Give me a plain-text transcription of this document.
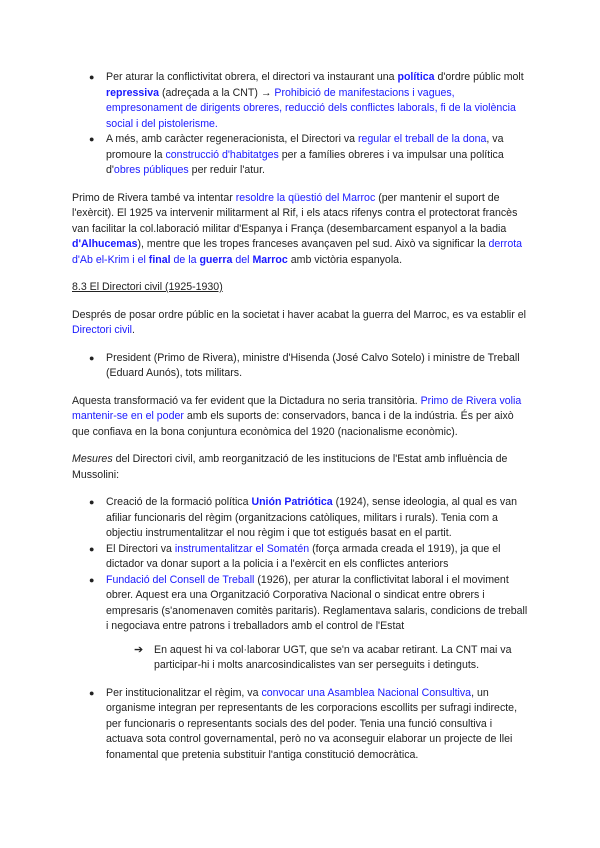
● Per aturar la conflictivitat obrera, el directori va instaurant una política d'ordre públic molt repressiva (adreçada a la CNT) → Prohibició de manifestacions i vagues, empresonament de dirigents obreres, reducció dels conflictes laborals, fi de la violència social i del pistolerisme.
● A més, amb caràcter regeneracionista, el Directori va regular el treball de la dona, va promoure la construcció d'habitatges per a famílies obreres i va impulsar una política d'obres públiques per reduir l'atur.

Primo de Rivera també va intentar resoldre la qüestió del Marroc (per mantenir el suport de l'exèrcit). El 1925 va intervenir militarment al Rif, i els atacs rifenys contra el protectorat francès van facilitar la col.laboració militar d'Espanya i França (desembarcament espanyol a la badia d'Alhucemas), mentre que les tropes franceses avançaven pel sud. Això va significar la derrota d'Ab el-Krim i el final de la guerra del Marroc amb victòria espanyola.

8.3 El Directori civil (1925-1930)

Després de posar ordre públic en la societat i haver acabat la guerra del Marroc, es va establir el Directori civil.

● President (Primo de Rivera), ministre d'Hisenda (José Calvo Sotelo) i ministre de Treball (Eduard Aunós), tots militars.

Aquesta transformació va fer evident que la Dictadura no seria transitòria. Primo de Rivera volia mantenir-se en el poder amb els suports de: conservadors, banca i de la indústria. És per això que confiava en la bona conjuntura econòmica del 1920 (nacionalisme econòmic).

Mesures del Directori civil, amb reorganització de les institucions de l'Estat amb influència de Mussolini:

● Creació de la formació política Unión Patriótica (1924), sense ideologia, al qual es van afiliar funcionaris del règim (organitzacions catòliques, militars i rurals). Tenia com a objectiu instrumentalitzar el nou règim i que tot estigués basat en el partit.
● El Directori va instrumentalitzar el Somatén (força armada creada el 1919), ja que el dictador va donar suport a la policia i a l'exèrcit en els conflictes anteriors
● Fundació del Consell de Treball (1926), per aturar la conflictivitat laboral i el moviment obrer. Aquest era una Organització Corporativa Nacional o sindicat entre obrers i empresaris (s'anomenaven comitès paritaris). Reglamentava salaris, condicions de treball i negociava entre patrons i treballadors amb el control de l'Estat
➔ En aquest hi va col·laborar UGT, que se'n va acabar retirant. La CNT mai va participar-hi i molts anarcosindicalistes van ser perseguits i detinguts.
● Per institucionalitzar el règim, va convocar una Asamblea Nacional Consultiva, un organisme integran per representants de les corporacions escollits per sufragi indirecte, per funcionaris o representants socials des del poder. Tenia una funció consultiva i actuava sota control governamental, però no va aconseguir elaborar un projecte de llei fonamental que pretenia substituir l'antiga constitució democràtica.
